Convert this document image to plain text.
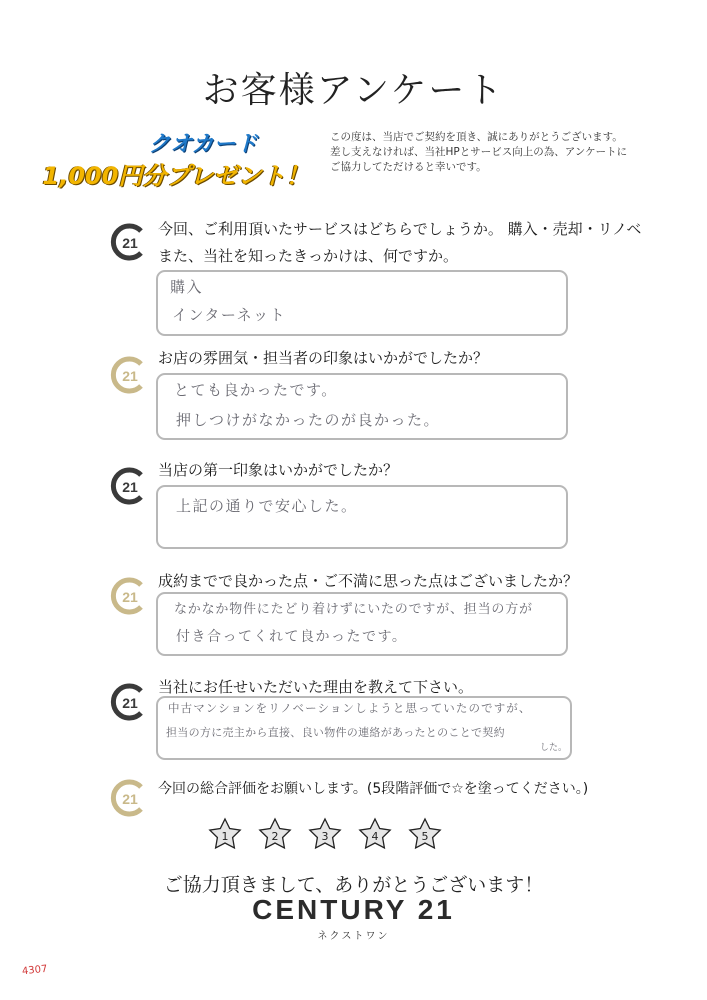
お客様アンケート
クオカード
1,000円分プレゼント！
この度は、当店でご契約を頂き、誠にありがとうございます。
差し支えなければ、当社HPとサービス向上の為、アンケートに
ご協力してただけると幸いです。
21
今回、ご利用頂いたサービスはどちらでしょうか。 購入・売却・リノベ
また、当社を知ったきっかけは、何ですか。
購入
インターネット
21
お店の雰囲気・担当者の印象はいかがでしたか？
とても良かったです。
押しつけがなかったのが良かった。
21
当店の第一印象はいかがでしたか？
上記の通りで安心した。
21
成約までで良かった点・ご不満に思った点はございましたか？
なかなか物件にたどり着けずにいたのですが、担当の方が
付き合ってくれて良かったです。
21
当社にお任せいただいた理由を教えて下さい。
中古マンションをリノベーションしようと思っていたのですが、
担当の方に売主から直接、良い物件の連絡があったとのことで契約
した。
21
今回の総合評価をお願いします。(5段階評価で☆を塗ってください。)
1	2	3	4	5
ご協力頂きまして、ありがとうございます！
CENTURY 21
ネクストワン
4307
